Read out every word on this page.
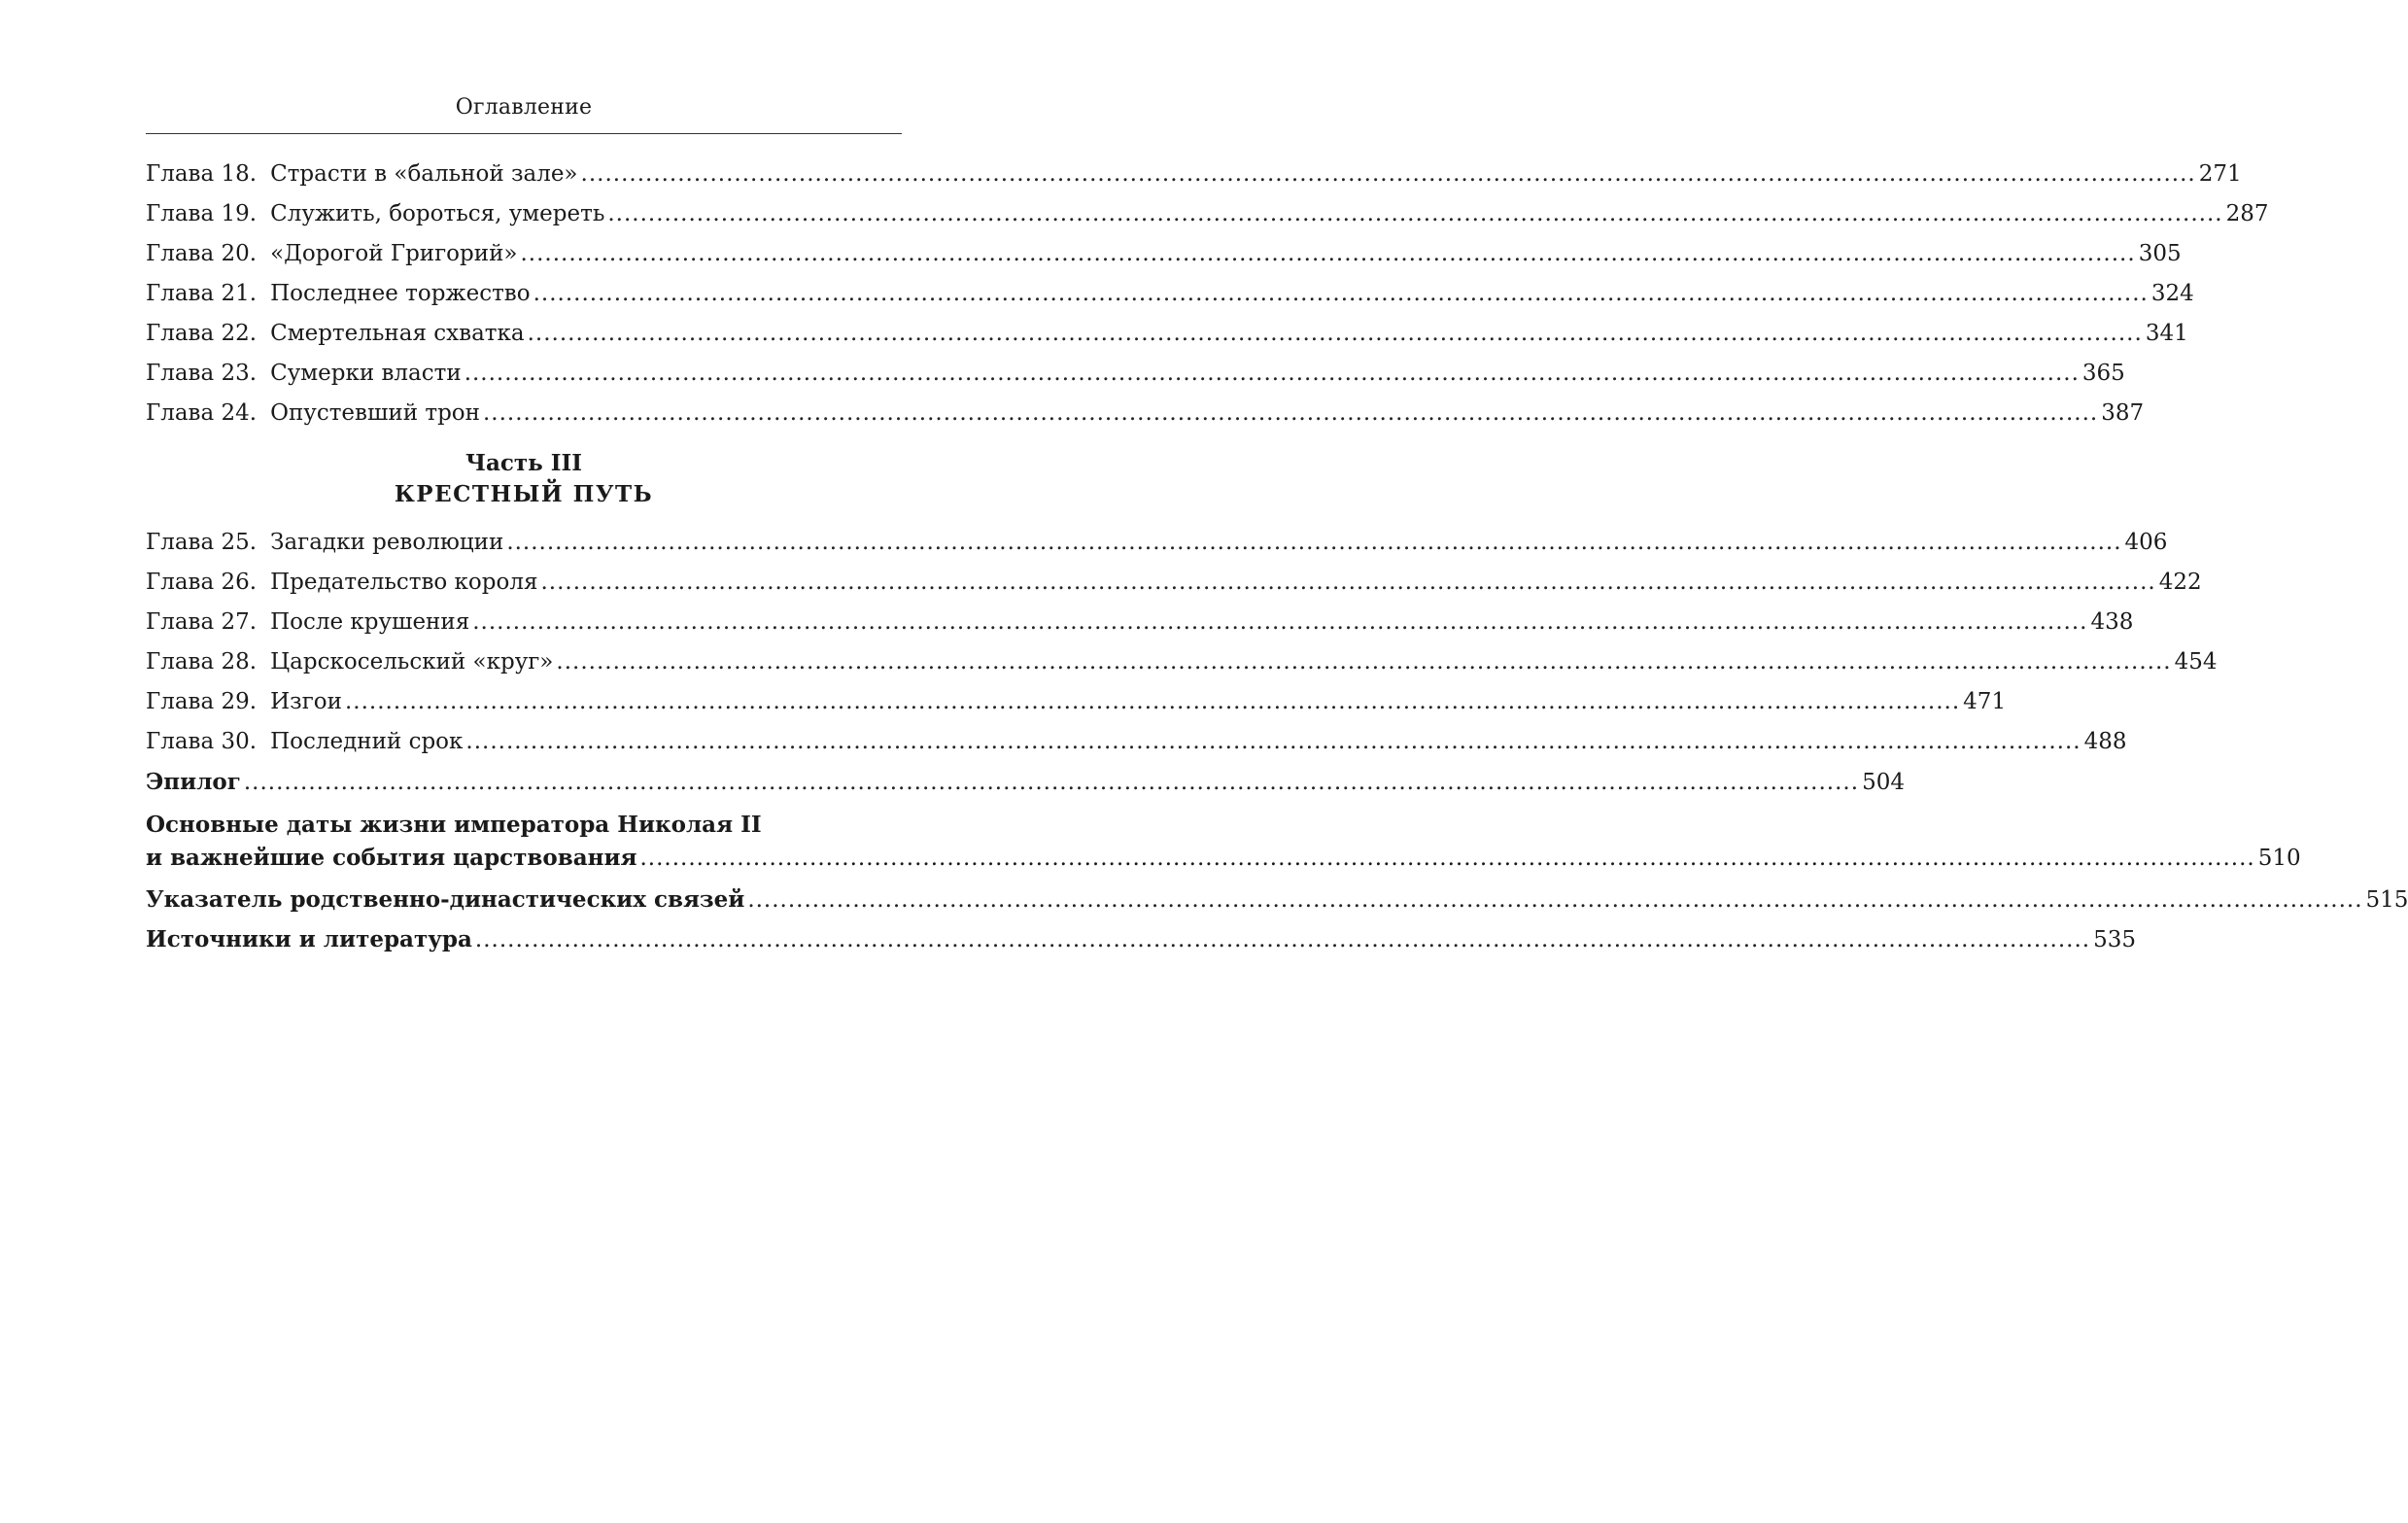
Оглавление
Глава 18. Страсти в «бальной зале» ........................................................................................................................................................................................................ 271
Глава 19. Служить, бороться, умереть ........................................................................................................................................................................................................ 287
Глава 20. «Дорогой Григорий» ........................................................................................................................................................................................................ 305
Глава 21. Последнее торжество ........................................................................................................................................................................................................ 324
Глава 22. Смертельная схватка ........................................................................................................................................................................................................ 341
Глава 23. Сумерки власти ........................................................................................................................................................................................................ 365
Глава 24. Опустевший трон ........................................................................................................................................................................................................ 387
Часть III
КРЕСТНЫЙ ПУТЬ
Глава 25. Загадки революции ........................................................................................................................................................................................................ 406
Глава 26. Предательство короля ........................................................................................................................................................................................................ 422
Глава 27. После крушения ........................................................................................................................................................................................................ 438
Глава 28. Царскосельский «круг» ........................................................................................................................................................................................................ 454
Глава 29. Изгои ........................................................................................................................................................................................................ 471
Глава 30. Последний срок ........................................................................................................................................................................................................ 488
Эпилог ........................................................................................................................................................................................................ 504
Основные даты жизни императора Николая II
и важнейшие события царствования ........................................................................................................................................................................................................ 510
Указатель родственно-династических связей ........................................................................................................................................................................................................ 515
Источники и литература ........................................................................................................................................................................................................ 535
